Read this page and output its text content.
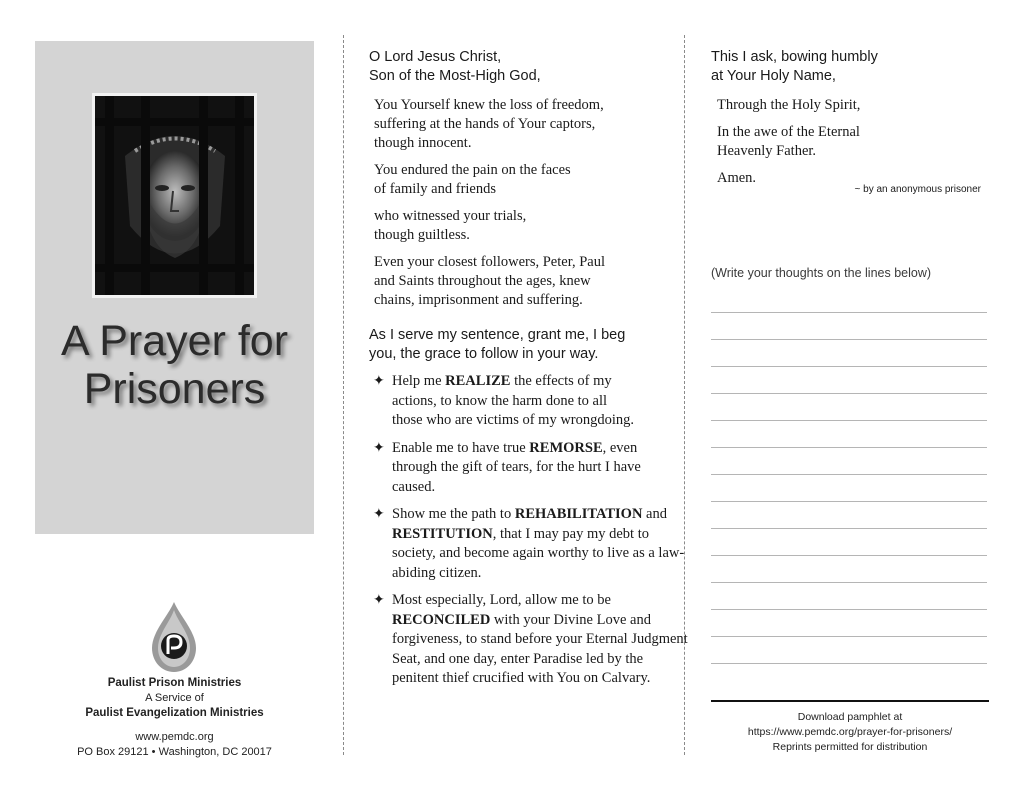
A Prayer for
Prisoners
Paulist Prison Ministries
A Service of
Paulist Evangelization Ministries
www.pemdc.org
PO Box 29121 • Washington, DC 20017

O Lord Jesus Christ,
Son of the Most-High God,

You Yourself knew the loss of freedom,
suffering at the hands of Your captors,
though innocent.

You endured the pain on the faces
of family and friends

who witnessed your trials,
though guiltless.

Even your closest followers, Peter, Paul
and Saints throughout the ages, knew
chains, imprisonment and suffering.

As I serve my sentence, grant me, I beg
you, the grace to follow in your way.

✦ Help me REALIZE the effects of my actions, to know the harm done to all those who are victims of my wrongdoing.
✦ Enable me to have true REMORSE, even through the gift of tears, for the hurt I have caused.
✦ Show me the path to REHABILITATION and RESTITUTION, that I may pay my debt to society, and become again worthy to live as a law-abiding citizen.
✦ Most especially, Lord, allow me to be RECONCILED with your Divine Love and forgiveness, to stand before your Eternal Judgment Seat, and one day, enter Paradise led by the penitent thief crucified with You on Calvary.

This I ask, bowing humbly
at Your Holy Name,

Through the Holy Spirit,

In the awe of the Eternal
Heavenly Father.

Amen.

~ by an anonymous prisoner
(Write your thoughts on the lines below)
Download pamphlet at
https://www.pemdc.org/prayer-for-prisoners/
Reprints permitted for distribution
